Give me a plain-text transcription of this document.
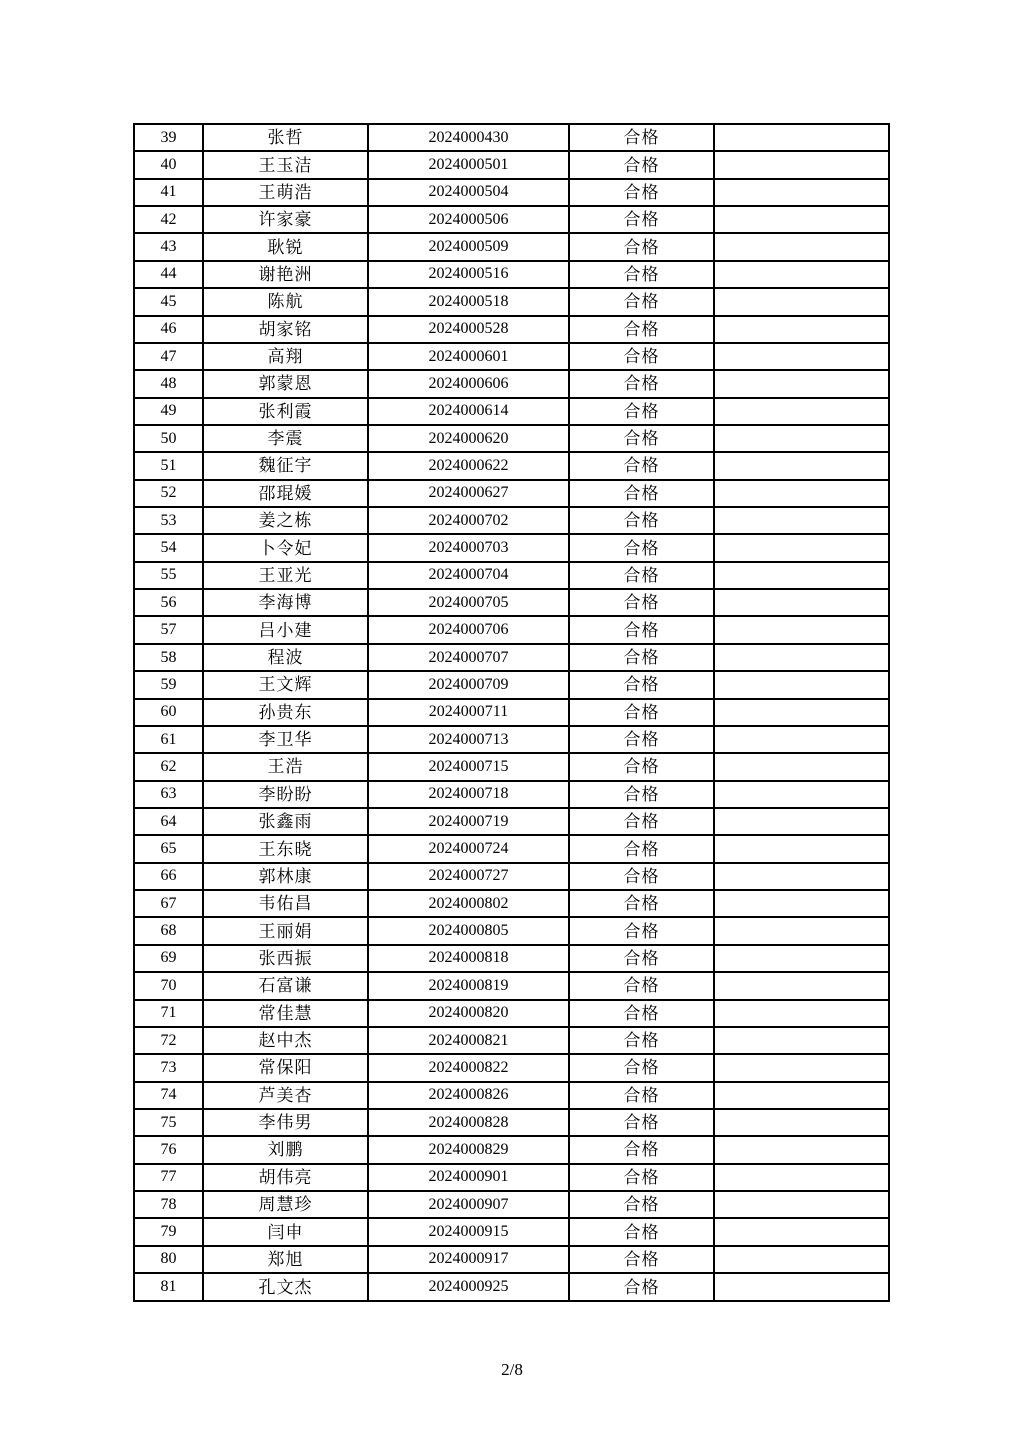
39	张哲	2024000430	合格	
40	王玉洁	2024000501	合格	
41	王萌浩	2024000504	合格	
42	许家豪	2024000506	合格	
43	耿锐	2024000509	合格	
44	谢艳洲	2024000516	合格	
45	陈航	2024000518	合格	
46	胡家铭	2024000528	合格	
47	高翔	2024000601	合格	
48	郭蒙恩	2024000606	合格	
49	张利霞	2024000614	合格	
50	李震	2024000620	合格	
51	魏征宇	2024000622	合格	
52	邵琨媛	2024000627	合格	
53	姜之栋	2024000702	合格	
54	卜令妃	2024000703	合格	
55	王亚光	2024000704	合格	
56	李海博	2024000705	合格	
57	吕小建	2024000706	合格	
58	程波	2024000707	合格	
59	王文辉	2024000709	合格	
60	孙贵东	2024000711	合格	
61	李卫华	2024000713	合格	
62	王浩	2024000715	合格	
63	李盼盼	2024000718	合格	
64	张鑫雨	2024000719	合格	
65	王东晓	2024000724	合格	
66	郭林康	2024000727	合格	
67	韦佑昌	2024000802	合格	
68	王丽娟	2024000805	合格	
69	张西振	2024000818	合格	
70	石富谦	2024000819	合格	
71	常佳慧	2024000820	合格	
72	赵中杰	2024000821	合格	
73	常保阳	2024000822	合格	
74	芦美杏	2024000826	合格	
75	李伟男	2024000828	合格	
76	刘鹏	2024000829	合格	
77	胡伟亮	2024000901	合格	
78	周慧珍	2024000907	合格	
79	闫申	2024000915	合格	
80	郑旭	2024000917	合格	
81	孔文杰	2024000925	合格	
2/8
